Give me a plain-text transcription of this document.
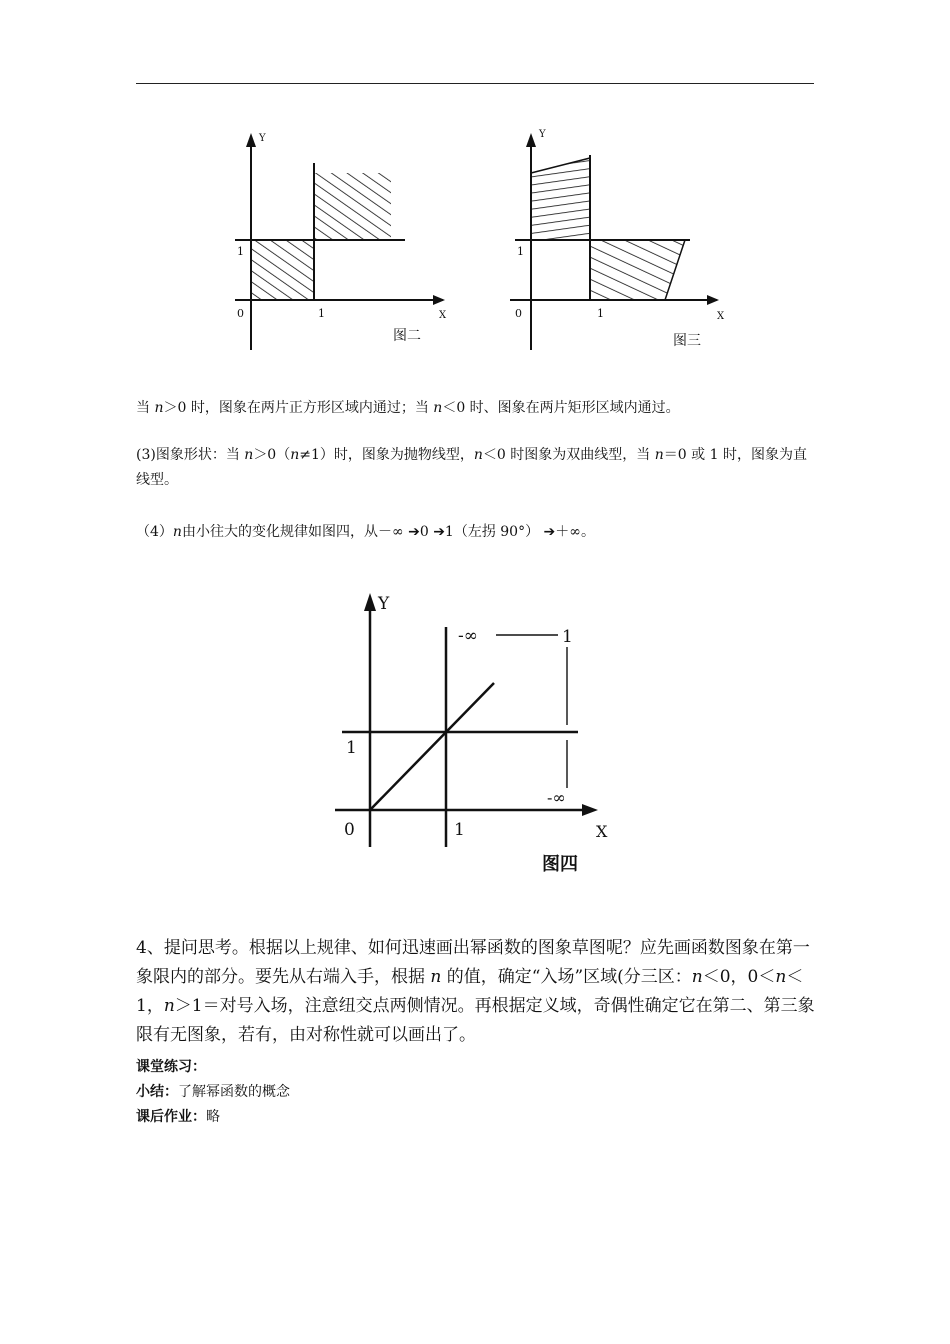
Y
X
1
1
0
图二
Y
X
1
1
0
图三

当 n＞0 时，图象在两片正方形区域内通过；当 n＜0 时、图象在两片矩形区域内通过。

(3)图象形状：当 n＞0（n≠1）时，图象为抛物线型，n＜0 时图象为双曲线型，当 n＝0 或 1 时，图象为直线型。

（4）n由小往大的变化规律如图四，从－∞ ➔0 ➔1（左拐 90°） ➔＋∞。

Y
X
1
1
0
-∞	1
-∞
图四

4、提问思考。根据以上规律、如何迅速画出幂函数的图象草图呢？应先画函数图象在第一象限内的部分。要先从右端入手，根据 n 的值，确定“入场”区域(分三区：n＜0，0＜n＜1，n＞1＝对号入场，注意纽交点两侧情况。再根据定义域，奇偶性确定它在第二、第三象限有无图象，若有，由对称性就可以画出了。

课堂练习：
小结：了解幂函数的概念
课后作业：略
